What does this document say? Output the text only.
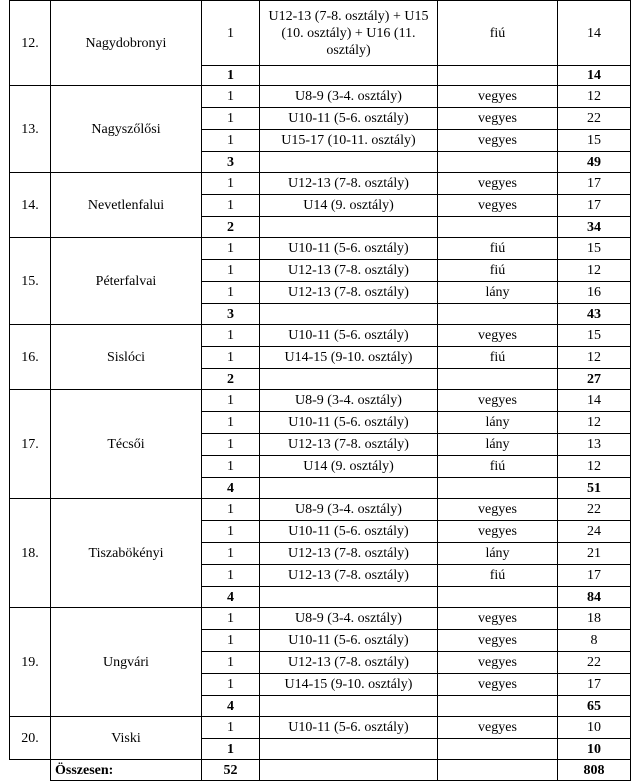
12.	Nagydobronyi	1	U12-13 (7-8. osztály) + U15 (10. osztály) + U16 (11. osztály)	fiú	14
		1			14
13.	Nagyszőlősi	1	U8-9 (3-4. osztály)	vegyes	12
		1	U10-11 (5-6. osztály)	vegyes	22
		1	U15-17 (10-11. osztály)	vegyes	15
		3			49
14.	Nevetlenfalui	1	U12-13 (7-8. osztály)	vegyes	17
		1	U14 (9. osztály)	vegyes	17
		2			34
15.	Péterfalvai	1	U10-11 (5-6. osztály)	fiú	15
		1	U12-13 (7-8. osztály)	fiú	12
		1	U12-13 (7-8. osztály)	lány	16
		3			43
16.	Sislóci	1	U10-11 (5-6. osztály)	vegyes	15
		1	U14-15 (9-10. osztály)	fiú	12
		2			27
17.	Técsői	1	U8-9 (3-4. osztály)	vegyes	14
		1	U10-11 (5-6. osztály)	lány	12
		1	U12-13 (7-8. osztály)	lány	13
		1	U14 (9. osztály)	fiú	12
		4			51
18.	Tiszabökényi	1	U8-9 (3-4. osztály)	vegyes	22
		1	U10-11 (5-6. osztály)	vegyes	24
		1	U12-13 (7-8. osztály)	lány	21
		1	U12-13 (7-8. osztály)	fiú	17
		4			84
19.	Ungvári	1	U8-9 (3-4. osztály)	vegyes	18
		1	U10-11 (5-6. osztály)	vegyes	8
		1	U12-13 (7-8. osztály)	vegyes	22
		1	U14-15 (9-10. osztály)	vegyes	17
		4			65
20.	Viski	1	U10-11 (5-6. osztály)	vegyes	10
		1			10
	Összesen:	52			808
